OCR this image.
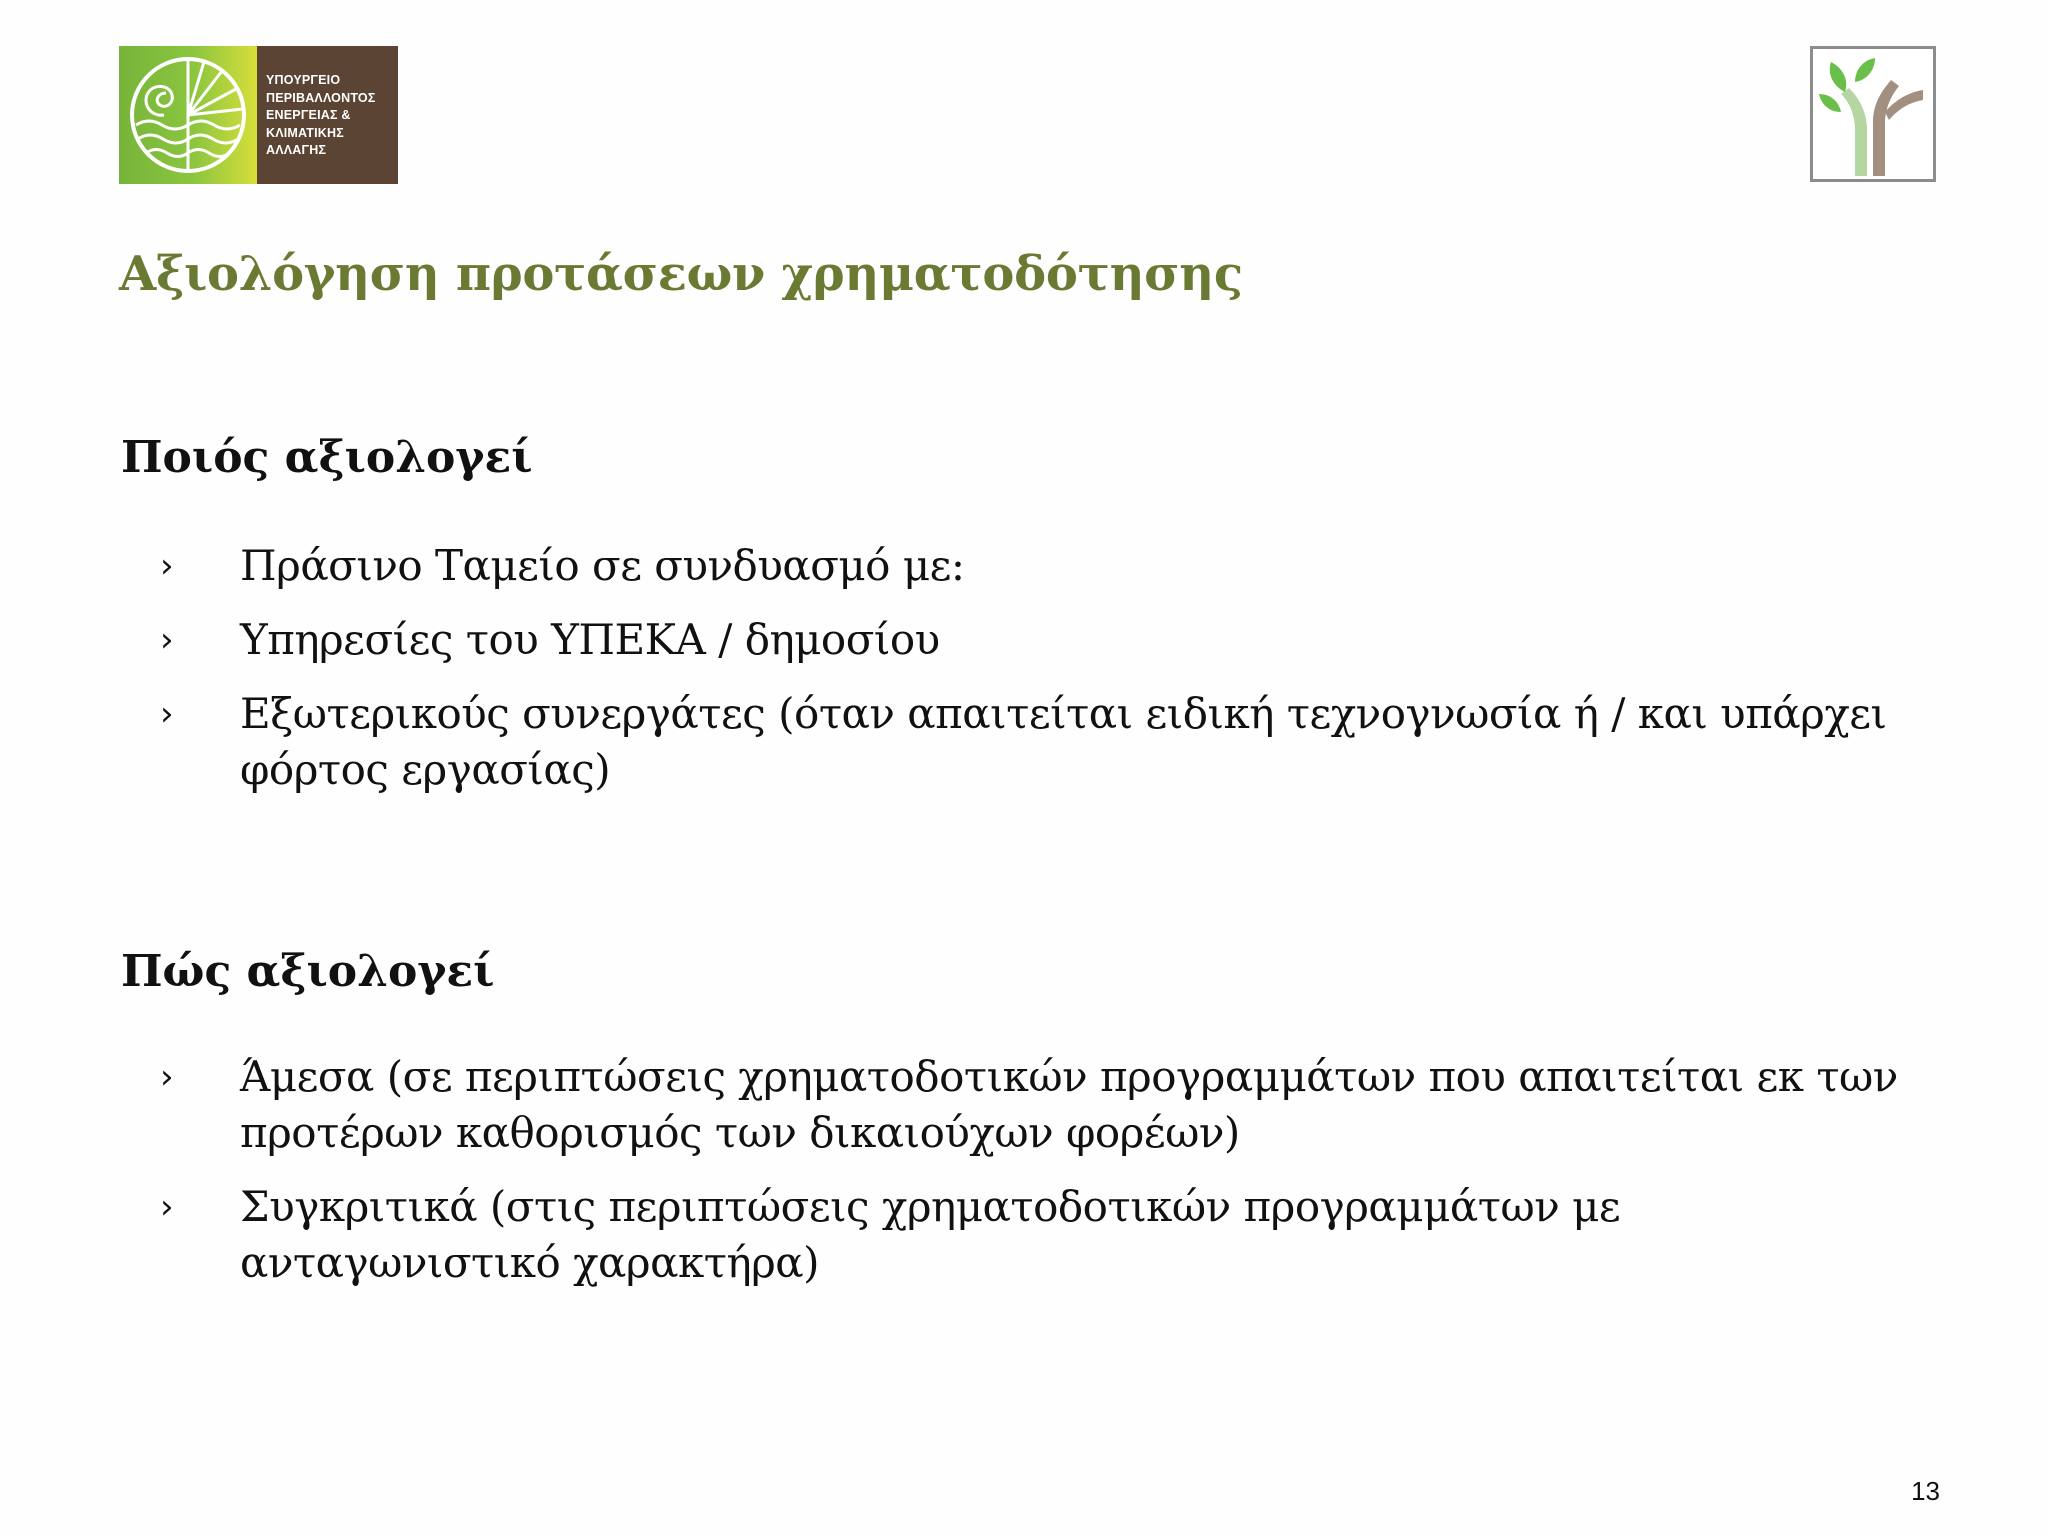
ΥΠΟΥΡΓΕΙΟ
ΠΕΡΙΒΑΛΛΟΝΤΟΣ
ΕΝΕΡΓΕΙΑΣ &
ΚΛΙΜΑΤΙΚΗΣ
ΑΛΛΑΓΗΣ
Αξιολόγηση προτάσεων χρηματοδότησης
Ποιός αξιολογεί
› Πράσινο Ταμείο σε συνδυασμό με:
› Υπηρεσίες του ΥΠΕΚΑ / δημοσίου
› Εξωτερικούς συνεργάτες (όταν απαιτείται ειδική τεχνογνωσία ή / και υπάρχει φόρτος εργασίας)
Πώς αξιολογεί
› Άμεσα (σε περιπτώσεις χρηματοδοτικών προγραμμάτων που απαιτείται εκ των προτέρων καθορισμός των δικαιούχων φορέων)
› Συγκριτικά (στις περιπτώσεις χρηματοδοτικών προγραμμάτων με ανταγωνιστικό χαρακτήρα)
13
